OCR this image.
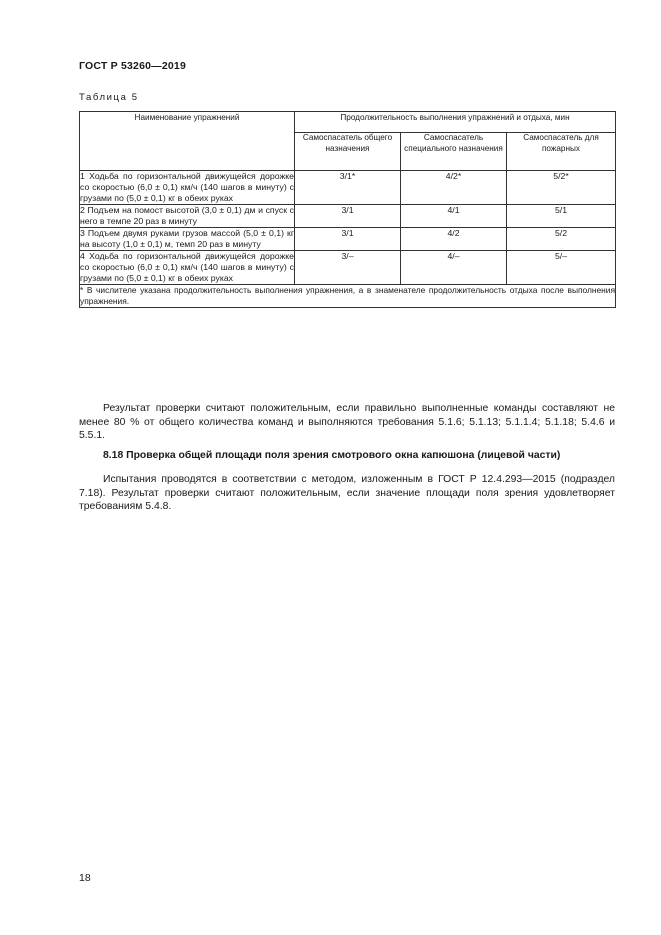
ГОСТ Р 53260—2019
Таблица 5
Наименование упражнений	Продолжительность выполнения упражнений и отдыха, мин		
	Самоспасатель общего назначения	Самоспасатель специального назначения	Самоспасатель для пожарных
1 Ходьба по горизонтальной движущейся дорожке со скоростью (6,0 ± 0,1) км/ч (140 шагов в минуту) с грузами по (5,0 ± 0,1) кг в обеих руках	3/1*	4/2*	5/2*
2 Подъем на помост высотой (3,0 ± 0,1) дм и спуск с него в темпе 20 раз в минуту	3/1	4/1	5/1
3 Подъем двумя руками грузов массой (5,0 ± 0,1) кг на высоту (1,0 ± 0,1) м, темп 20 раз в минуту	3/1	4/2	5/2
4 Ходьба по горизонтальной движущейся дорожке со скоростью (6,0 ± 0,1) км/ч (140 шагов в минуту) с грузами по (5,0 ± 0,1) кг в обеих руках	3/–	4/–	5/–
* В числителе указана продолжительность выполнения упражнения, а в знаменателе продолжительность отдыха после выполнения упражнения.			

Результат проверки считают положительным, если правильно выполненные команды составляют не менее 80 % от общего количества команд и выполняются требования 5.1.6; 5.1.13; 5.1.1.4; 5.1.18; 5.4.6 и 5.5.1.

8.18 Проверка общей площади поля зрения смотрового окна капюшона (лицевой части)

Испытания проводятся в соответствии с методом, изложенным в ГОСТ Р 12.4.293—2015 (подраздел 7.18). Результат проверки считают положительным, если значение площади поля зрения удовлетворяет требованиям 5.4.8.

18
